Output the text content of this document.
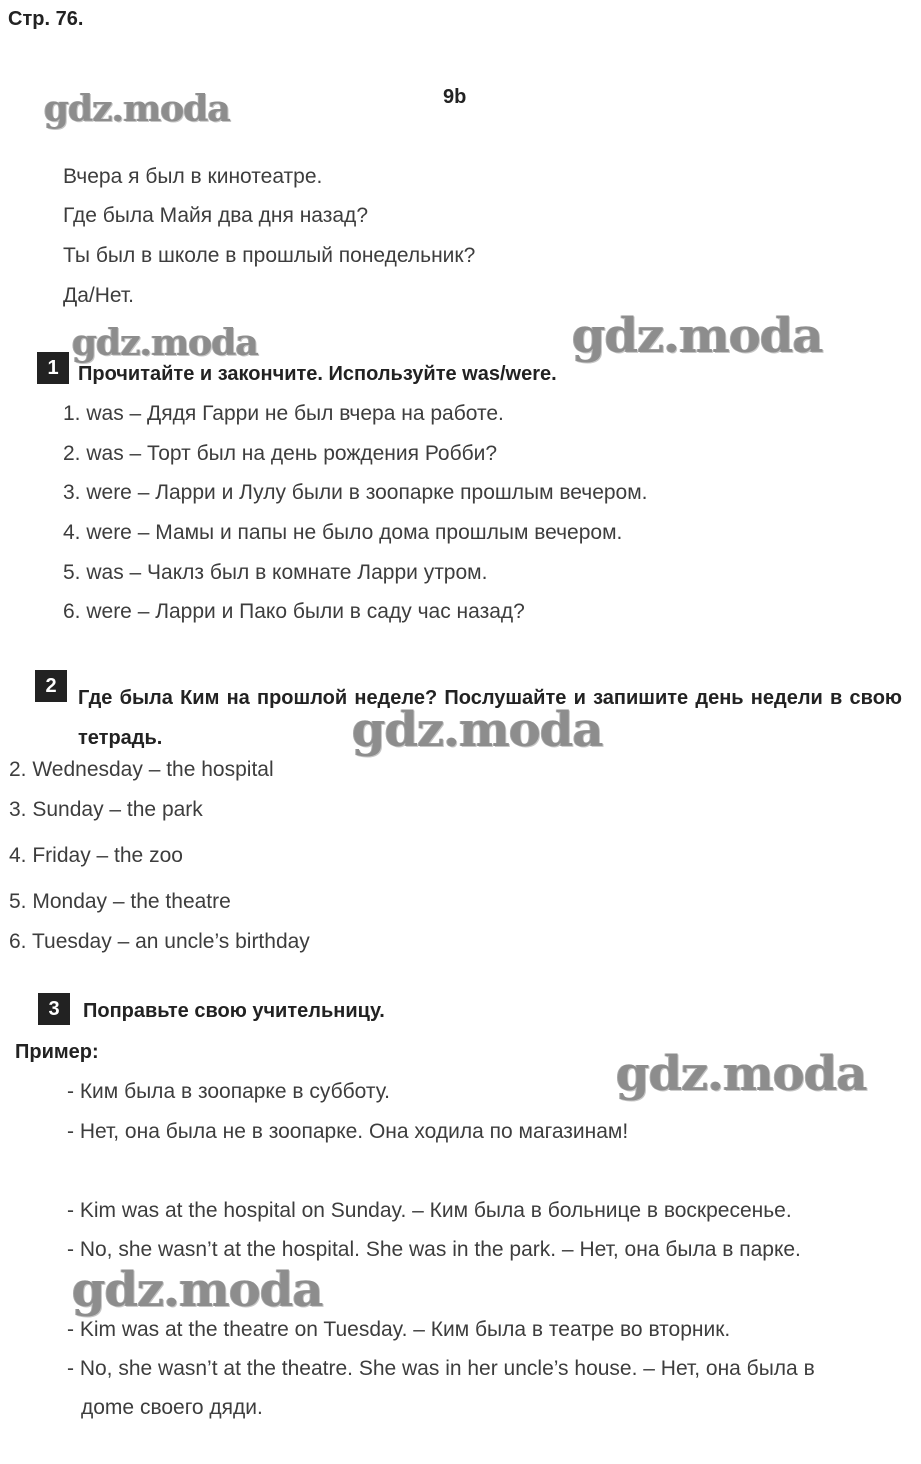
Стр. 76.
9b
gdz.moda
gdz.moda	gdz.moda
gdz.moda
gdz.moda
gdz.moda
Вчера я был в кинотеатре.
Где была Майя два дня назад?
Ты был в школе в прошлый понедельник?
Да/Нет.
1 Прочитайте и закончите. Используйте was/were.
1. was – Дядя Гарри не был вчера на работе.
2. was – Торт был на день рождения Робби?
3. were – Ларри и Лулу были в зоопарке прошлым вечером.
4. were – Мамы и папы не было дома прошлым вечером.
5. was – Чаклз был в комнате Ларри утром.
6. were – Ларри и Пако были в саду час назад?
2
Где была Ким на прошлой неделе? Послушайте и запишите день недели в свою тетрадь.
2. Wednesday – the hospital
3. Sunday – the park
4. Friday – the zoo
5. Monday – the theatre
6. Tuesday – an uncle’s birthday
3	Поправьте свою учительницу.
Пример:
- Ким была в зоопарке в субботу.
- Нет, она была не в зоопарке. Она ходила по магазинам!
- Kim was at the hospital on Sunday. – Ким была в больнице в воскресенье.
- No, she wasn’t at the hospital. She was in the park. – Нет, она была в парке.
- Kim was at the theatre on Tuesday. – Ким была в театре во вторник.
- No, she wasn’t at the theatre. She was in her uncle’s house. – Нет, она была в
дome своего дяди.
